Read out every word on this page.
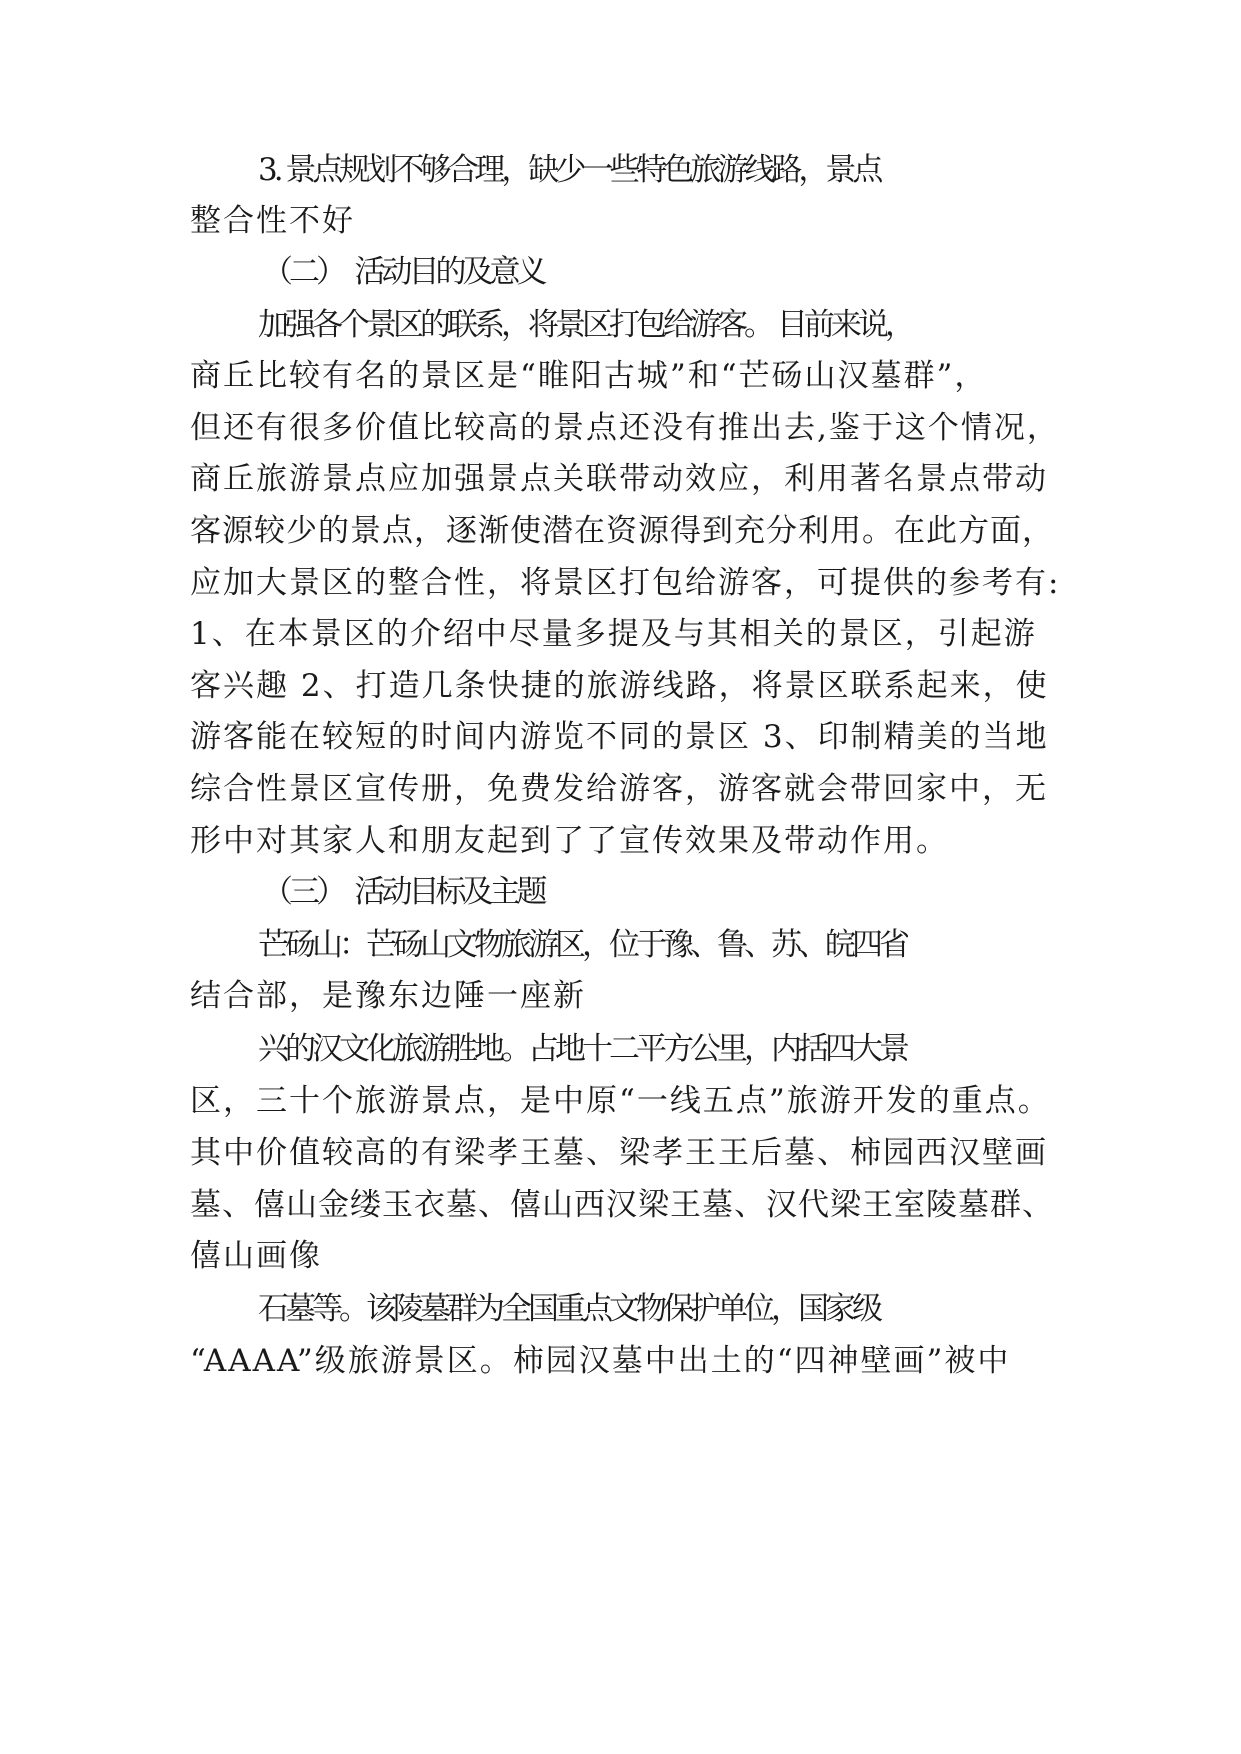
3. 景点规划不够合理，缺少一些特色旅游线路，景点
整合性不好
（二）　活动目的及意义
加强各个景区的联系，将景区打包给游客。 目前来说，
商丘比较有名的景区是“睢阳古城”和“芒砀山汉墓群”，
但还有很多价值比较高的景点还没有推出去,鉴于这个情况，
商丘旅游景点应加强景点关联带动效应，利用著名景点带动
客源较少的景点，逐渐使潜在资源得到充分利用。在此方面，
应加大景区的整合性，将景区打包给游客，可提供的参考有:
1、在本景区的介绍中尽量多提及与其相关的景区，引起游
客兴趣 2、打造几条快捷的旅游线路，将景区联系起来，使
游客能在较短的时间内游览不同的景区 3、印制精美的当地
综合性景区宣传册，免费发给游客，游客就会带回家中，无
形中对其家人和朋友起到了了宣传效果及带动作用。
（三）　活动目标及主题
芒砀山：芒砀山文物旅游区，位于豫、鲁、苏、皖四省
结合部，是豫东边陲一座新
兴的汉文化旅游胜地。占地十二平方公里，内括四大景
区，三十个旅游景点，是中原“一线五点”旅游开发的重点。
其中价值较高的有梁孝王墓、梁孝王王后墓、柿园西汉壁画
墓、僖山金缕玉衣墓、僖山西汉梁王墓、汉代梁王室陵墓群、
僖山画像
石墓等。该陵墓群为全国重点文物保护单位，国家级
“AAAA”级旅游景区。柿园汉墓中出土的“四神壁画”被中
